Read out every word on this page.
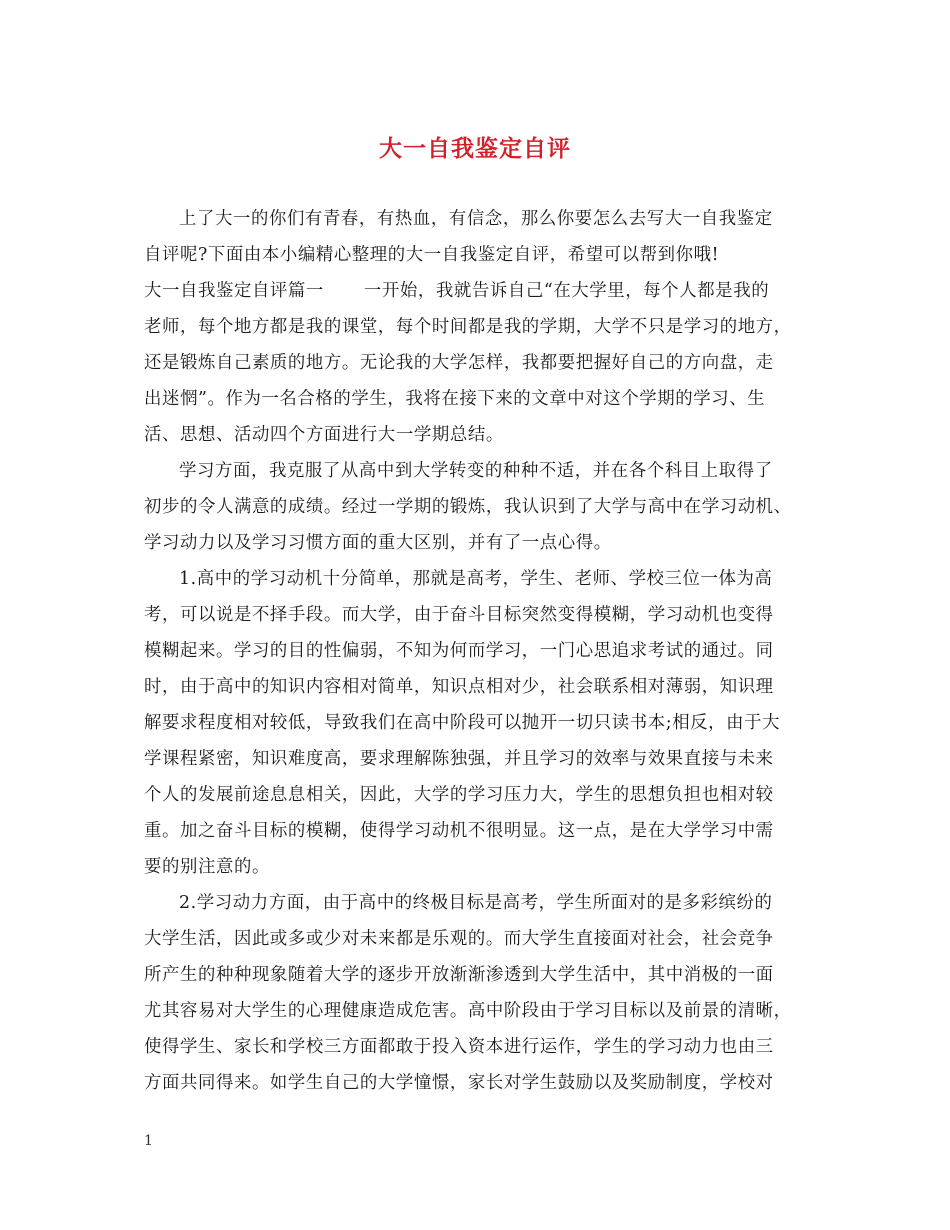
大一自我鉴定自评
上了大一的你们有青春，有热血，有信念，那么你要怎么去写大一自我鉴定
自评呢?下面由本小编精心整理的大一自我鉴定自评，希望可以帮到你哦!
大一自我鉴定自评篇一 一开始，我就告诉自己“在大学里，每个人都是我的
老师，每个地方都是我的课堂，每个时间都是我的学期，大学不只是学习的地方，
还是锻炼自己素质的地方。无论我的大学怎样，我都要把握好自己的方向盘，走
出迷惘”。作为一名合格的学生，我将在接下来的文章中对这个学期的学习、生
活、思想、活动四个方面进行大一学期总结。
学习方面，我克服了从高中到大学转变的种种不适，并在各个科目上取得了
初步的令人满意的成绩。经过一学期的锻炼，我认识到了大学与高中在学习动机、
学习动力以及学习习惯方面的重大区别，并有了一点心得。
1.高中的学习动机十分简单，那就是高考，学生、老师、学校三位一体为高
考，可以说是不择手段。而大学，由于奋斗目标突然变得模糊，学习动机也变得
模糊起来。学习的目的性偏弱，不知为何而学习，一门心思追求考试的通过。同
时，由于高中的知识内容相对简单，知识点相对少，社会联系相对薄弱，知识理
解要求程度相对较低，导致我们在高中阶段可以抛开一切只读书本;相反，由于大
学课程紧密，知识难度高，要求理解陈独强，并且学习的效率与效果直接与未来
个人的发展前途息息相关，因此，大学的学习压力大，学生的思想负担也相对较
重。加之奋斗目标的模糊，使得学习动机不很明显。这一点，是在大学学习中需
要的别注意的。
2.学习动力方面，由于高中的终极目标是高考，学生所面对的是多彩缤纷的
大学生活，因此或多或少对未来都是乐观的。而大学生直接面对社会，社会竞争
所产生的种种现象随着大学的逐步开放渐渐渗透到大学生活中，其中消极的一面
尤其容易对大学生的心理健康造成危害。高中阶段由于学习目标以及前景的清晰，
使得学生、家长和学校三方面都敢于投入资本进行运作，学生的学习动力也由三
方面共同得来。如学生自己的大学憧憬，家长对学生鼓励以及奖励制度，学校对
1
